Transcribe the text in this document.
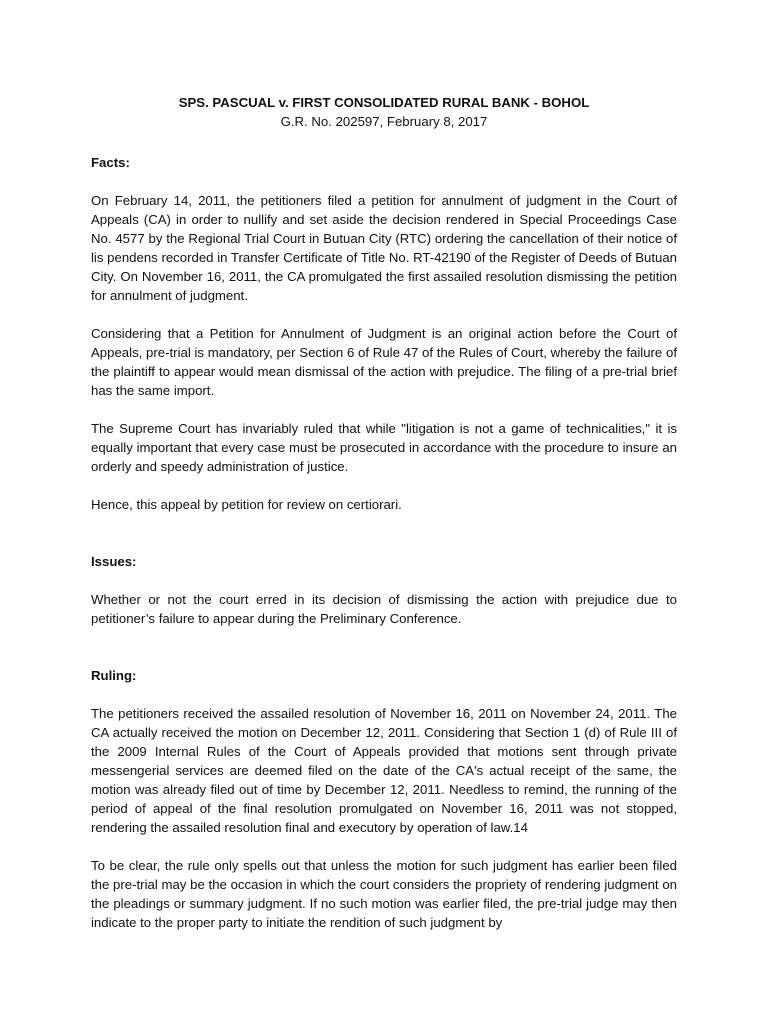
SPS. PASCUAL v. FIRST CONSOLIDATED RURAL BANK - BOHOL
G.R. No. 202597, February 8, 2017
Facts:

On February 14, 2011, the petitioners filed a petition for annulment of judgment in the Court of Appeals (CA) in order to nullify and set aside the decision rendered in Special Proceedings Case No. 4577 by the Regional Trial Court in Butuan City (RTC) ordering the cancellation of their notice of lis pendens recorded in Transfer Certificate of Title No. RT-42190 of the Register of Deeds of Butuan City. On November 16, 2011, the CA promulgated the first assailed resolution dismissing the petition for annulment of judgment.

Considering that a Petition for Annulment of Judgment is an original action before the Court of Appeals, pre-trial is mandatory, per Section 6 of Rule 47 of the Rules of Court, whereby the failure of the plaintiff to appear would mean dismissal of the action with prejudice. The filing of a pre-trial brief has the same import.

The Supreme Court has invariably ruled that while "litigation is not a game of technicalities," it is equally important that every case must be prosecuted in accordance with the procedure to insure an orderly and speedy administration of justice.

Hence, this appeal by petition for review on certiorari.

Issues:

Whether or not the court erred in its decision of dismissing the action with prejudice due to petitioner’s failure to appear during the Preliminary Conference.

Ruling:

The petitioners received the assailed resolution of November 16, 2011 on November 24, 2011. The CA actually received the motion on December 12, 2011. Considering that Section 1 (d) of Rule III of the 2009 Internal Rules of the Court of Appeals provided that motions sent through private messengerial services are deemed filed on the date of the CA's actual receipt of the same, the motion was already filed out of time by December 12, 2011. Needless to remind, the running of the period of appeal of the final resolution promulgated on November 16, 2011 was not stopped, rendering the assailed resolution final and executory by operation of law.14

To be clear, the rule only spells out that unless the motion for such judgment has earlier been filed the pre-trial may be the occasion in which the court considers the propriety of rendering judgment on the pleadings or summary judgment. If no such motion was earlier filed, the pre-trial judge may then indicate to the proper party to initiate the rendition of such judgment by
